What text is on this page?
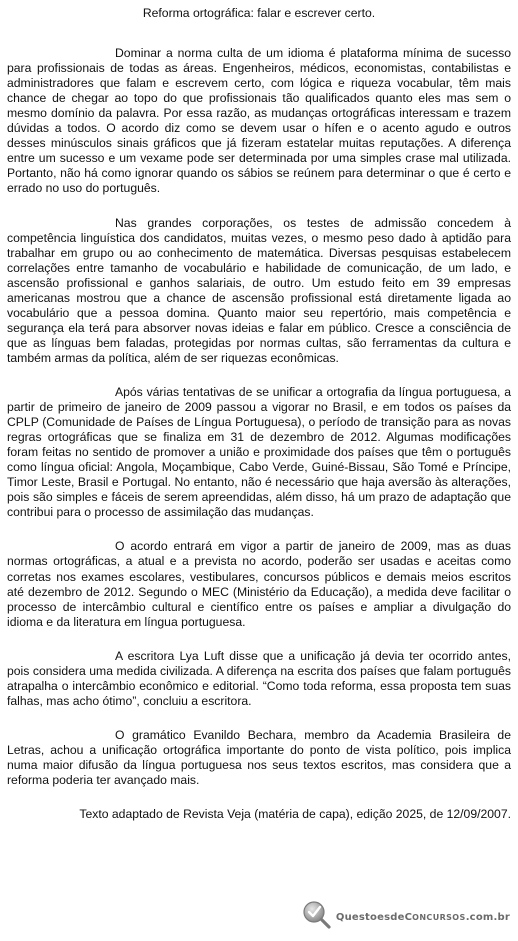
Reforma ortográfica: falar e escrever certo.

Dominar a norma culta de um idioma é plataforma mínima de sucesso para profissionais de todas as áreas. Engenheiros, médicos, economistas, contabilistas e administradores que falam e escrevem certo, com lógica e riqueza vocabular, têm mais chance de chegar ao topo do que profissionais tão qualificados quanto eles mas sem o mesmo domínio da palavra. Por essa razão, as mudanças ortográficas interessam e trazem dúvidas a todos. O acordo diz como se devem usar o hífen e o acento agudo e outros desses minúsculos sinais gráficos que já fizeram estatelar muitas reputações. A diferença entre um sucesso e um vexame pode ser determinada por uma simples crase mal utilizada. Portanto, não há como ignorar quando os sábios se reúnem para determinar o que é certo e errado no uso do português.

Nas grandes corporações, os testes de admissão concedem à competência linguística dos candidatos, muitas vezes, o mesmo peso dado à aptidão para trabalhar em grupo ou ao conhecimento de matemática. Diversas pesquisas estabelecem correlações entre tamanho de vocabulário e habilidade de comunicação, de um lado, e ascensão profissional e ganhos salariais, de outro. Um estudo feito em 39 empresas americanas mostrou que a chance de ascensão profissional está diretamente ligada ao vocabulário que a pessoa domina. Quanto maior seu repertório, mais competência e segurança ela terá para absorver novas ideias e falar em público. Cresce a consciência de que as línguas bem faladas, protegidas por normas cultas, são ferramentas da cultura e também armas da política, além de ser riquezas econômicas.

Após várias tentativas de se unificar a ortografia da língua portuguesa, a partir de primeiro de janeiro de 2009 passou a vigorar no Brasil, e em todos os países da CPLP (Comunidade de Países de Língua Portuguesa), o período de transição para as novas regras ortográficas que se finaliza em 31 de dezembro de 2012. Algumas modificações foram feitas no sentido de promover a união e proximidade dos países que têm o português como língua oficial: Angola, Moçambique, Cabo Verde, Guiné-Bissau, São Tomé e Príncipe, Timor Leste, Brasil e Portugal. No entanto, não é necessário que haja aversão às alterações, pois são simples e fáceis de serem apreendidas, além disso, há um prazo de adaptação que contribui para o processo de assimilação das mudanças.

O acordo entrará em vigor a partir de janeiro de 2009, mas as duas normas ortográficas, a atual e a prevista no acordo, poderão ser usadas e aceitas como corretas nos exames escolares, vestibulares, concursos públicos e demais meios escritos até dezembro de 2012. Segundo o MEC (Ministério da Educação), a medida deve facilitar o processo de intercâmbio cultural e científico entre os países e ampliar a divulgação do idioma e da literatura em língua portuguesa.

A escritora Lya Luft disse que a unificação já devia ter ocorrido antes, pois considera uma medida civilizada. A diferença na escrita dos países que falam português atrapalha o intercâmbio econômico e editorial. “Como toda reforma, essa proposta tem suas falhas, mas acho ótimo”, concluiu a escritora.

O gramático Evanildo Bechara, membro da Academia Brasileira de Letras, achou a unificação ortográfica importante do ponto de vista político, pois implica numa maior difusão da língua portuguesa nos seus textos escritos, mas considera que a reforma poderia ter avançado mais.

Texto adaptado de Revista Veja (matéria de capa), edição 2025, de 12/09/2007.

QuestoesdeCONCURSOS.com.br
